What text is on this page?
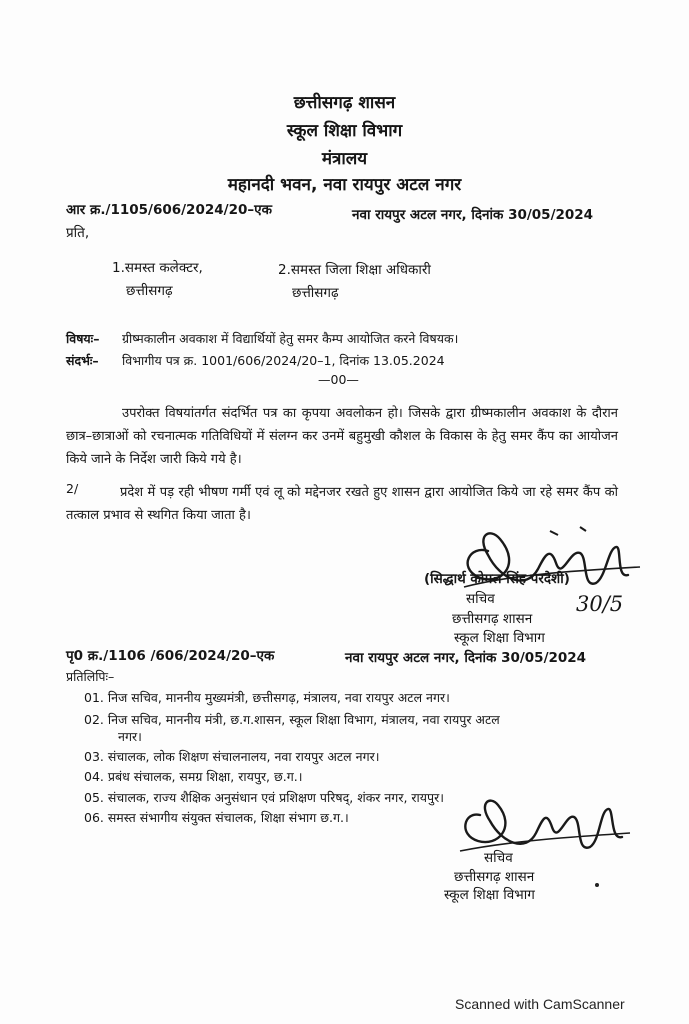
छत्तीसगढ़ शासन
स्कूल शिक्षा विभाग
मंत्रालय
महानदी भवन, नवा रायपुर अटल नगर
आर क्र./1105/606/2024/20–एक	नवा रायपुर अटल नगर, दिनांक 30/05/2024
प्रति,
1.समस्त कलेक्टर,
छत्तीसगढ़
2.समस्त जिला शिक्षा अधिकारी
छत्तीसगढ़
विषयः– ग्रीष्मकालीन अवकाश में विद्यार्थियों हेतु समर कैम्प आयोजित करने विषयक।
संदर्भः– विभागीय पत्र क्र. 1001/606/2024/20–1, दिनांक 13.05.2024
—00—
उपरोक्त विषयांतर्गत संदर्भित पत्र का कृपया अवलोकन हो। जिसके द्वारा ग्रीष्मकालीन अवकाश के दौरान छात्र–छात्राओं को रचनात्मक गतिविधियों में संलग्न कर उनमें बहुमुखी कौशल के विकास के हेतु समर कैंप का आयोजन किये जाने के निर्देश जारी किये गये है।
2/	प्रदेश में पड़ रही भीषण गर्मी एवं लू को मद्देनजर रखते हुए शासन द्वारा आयोजित किये जा रहे समर कैंप को तत्काल प्रभाव से स्थगित किया जाता है।
(सिद्धार्थ कोमल सिंह परदेशी)
सचिव
छत्तीसगढ़ शासन
स्कूल शिक्षा विभाग
30/5
पृ0 क्र./1106 /606/2024/20–एक	नवा रायपुर अटल नगर, दिनांक 30/05/2024
प्रतिलिपिः–
01. निज सचिव, माननीय मुख्यमंत्री, छत्तीसगढ़, मंत्रालय, नवा रायपुर अटल नगर।
02. निज सचिव, माननीय मंत्री, छ.ग.शासन, स्कूल शिक्षा विभाग, मंत्रालय, नवा रायपुर अटल
नगर।
03. संचालक, लोक शिक्षण संचालनालय, नवा रायपुर अटल नगर।
04. प्रबंध संचालक, समग्र शिक्षा, रायपुर, छ.ग.।
05. संचालक, राज्य शैक्षिक अनुसंधान एवं प्रशिक्षण परिषद्, शंकर नगर, रायपुर।
06. समस्त संभागीय संयुक्त संचालक, शिक्षा संभाग छ.ग.।
सचिव
छत्तीसगढ़ शासन
स्कूल शिक्षा विभाग
Scanned with CamScanner
